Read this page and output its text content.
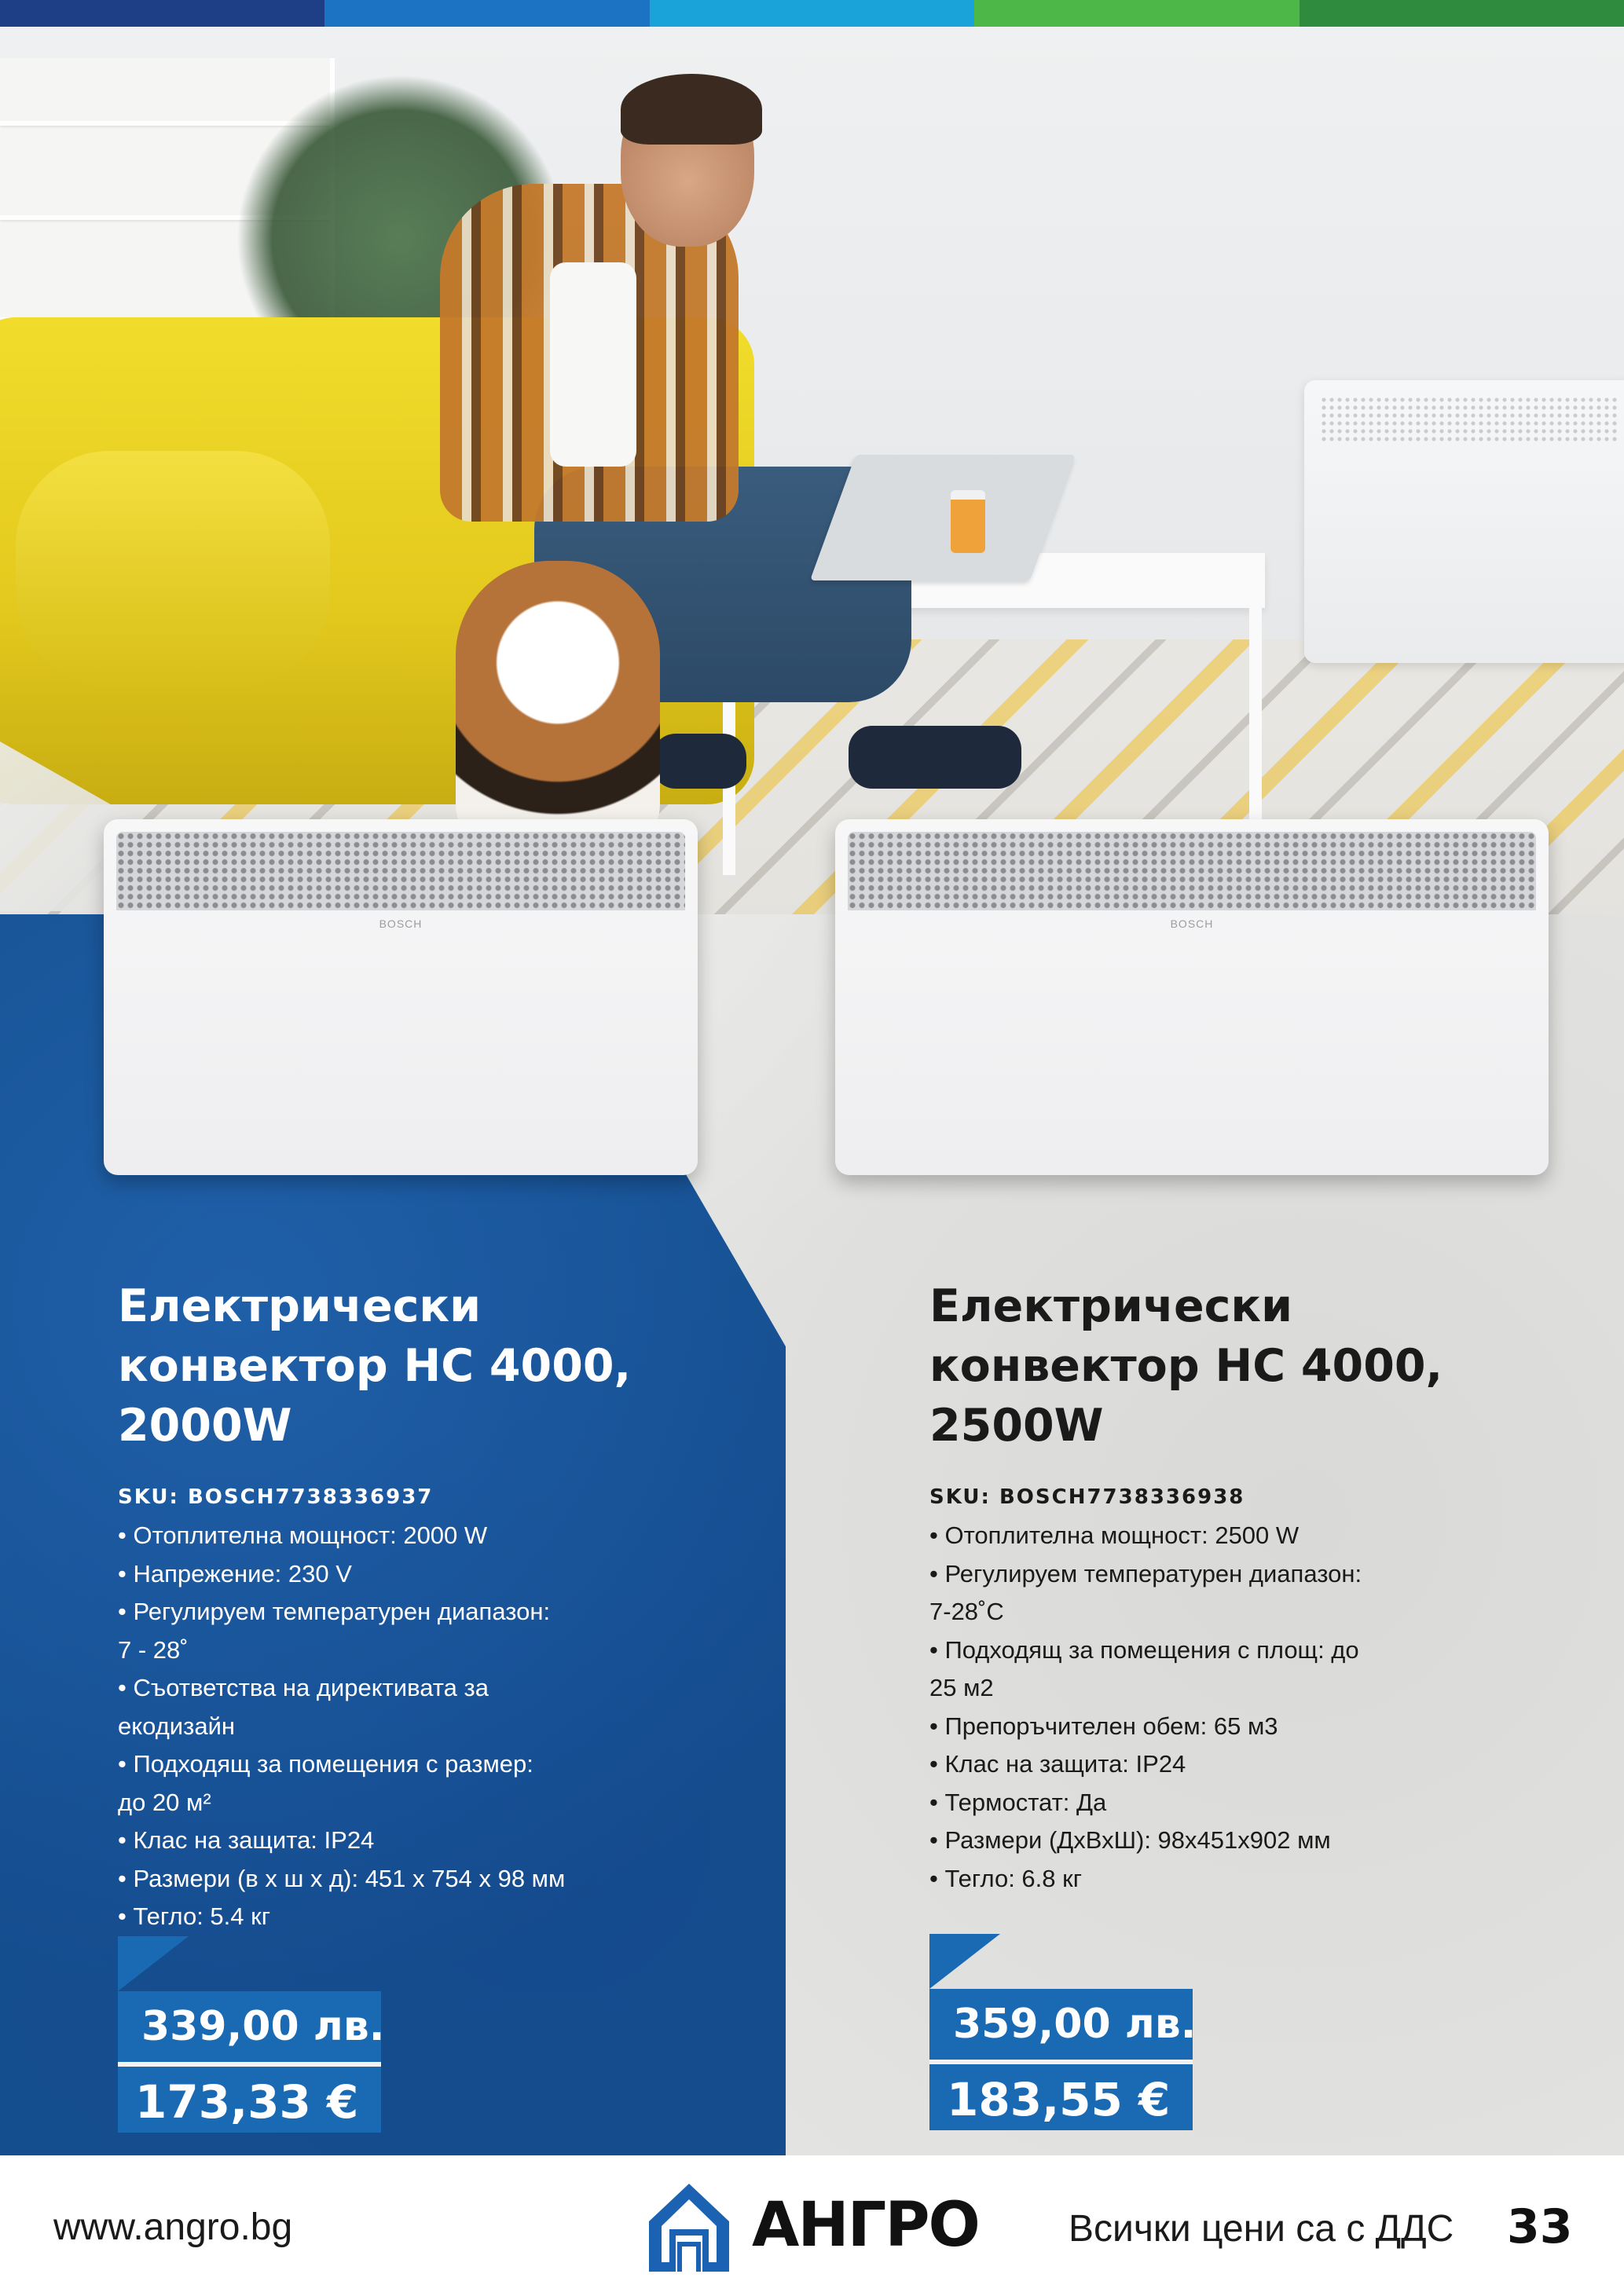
BOSCH	BOSCH
Електрически
конвектор HC 4000,
2000W
SKU: BOSCH7738336937
• Отоплителна мощност: 2000 W
• Напрежение: 230 V
• Регулируем температурен диапазон:
7 - 28˚
• Съответства на директивата за
екодизайн
• Подходящ за помещения с размер:
до 20 м²
• Клас на защита: IP24
• Размери (в х ш х д): 451 х 754 х 98 мм
• Тегло: 5.4 кг
Електрически
конвектор HC 4000,
2500W
SKU: BOSCH7738336938
• Отоплителна мощност: 2500 W
• Регулируем температурен диапазон:
7-28˚C
• Подходящ за помещения с площ: до
25 м2
• Препоръчителен обем: 65 м3
• Клас на защита: IP24
• Термостат: Да
• Размери (ДхВхШ): 98x451x902 мм
• Тегло: 6.8 кг
339,00 лв.
173,33 €
359,00 лв.
183,55 €
www.angro.bg	АНГРО Всички цени са с ДДС 33
